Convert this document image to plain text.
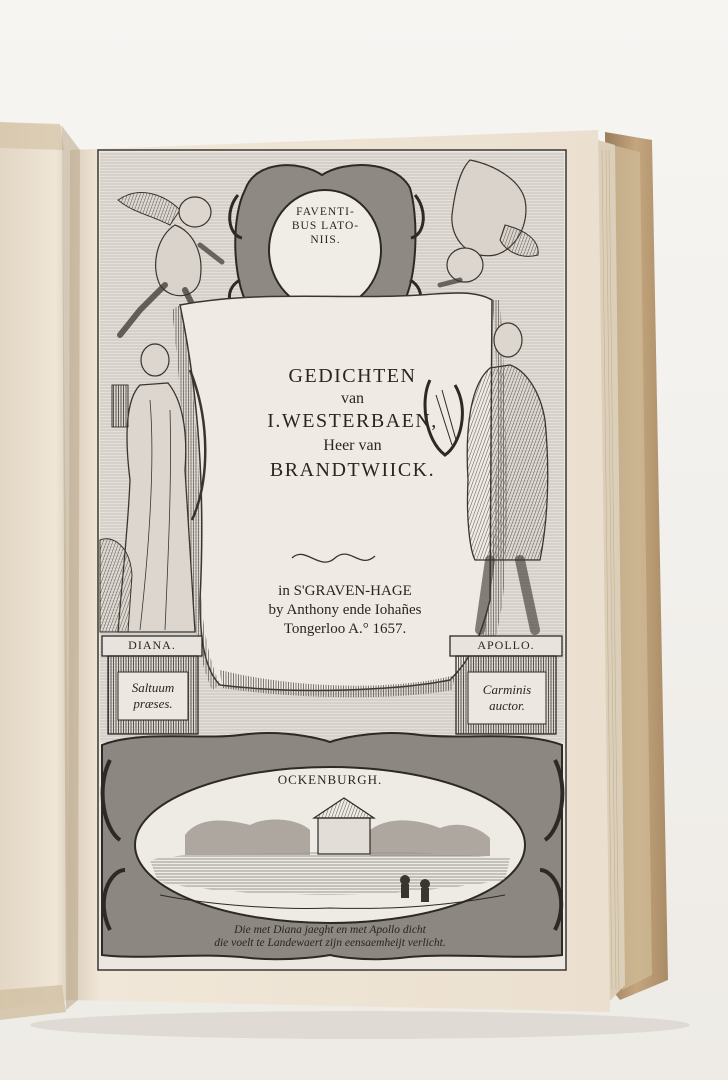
FAVENTI-
BUS LATO-
NIIS.
GEDICHTEN
van
I.WESTERBAEN,
Heer van
BRANDTWIICK.
in S'GRAVEN-HAGE
by Anthony ende Iohañes
Tongerloo A.° 1657.
DIANA.
Saltuum
præses.
APOLLO.
Carminis
auctor.
OCKENBURGH.
Die met Diana jaeght en met Apollo dicht
die voelt te Landewaert zijn eensaemheijt verlicht.
